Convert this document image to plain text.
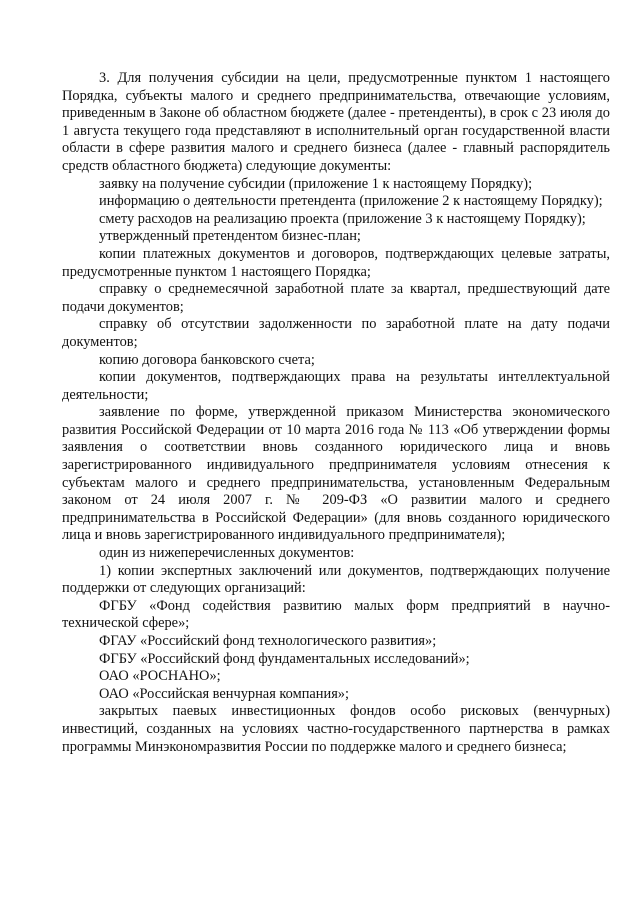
3. Для получения субсидии на цели, предусмотренные пунктом 1 настоящего Порядка, субъекты малого и среднего предпринимательства, отвечающие условиям, приведенным в Законе об областном бюджете (далее - претенденты), в срок с 23 июля до 1 августа текущего года представляют в исполнительный орган государственной власти области в сфере развития малого и среднего бизнеса (далее - главный распорядитель средств областного бюджета) следующие документы:

заявку на получение субсидии (приложение 1 к настоящему Порядку);

информацию о деятельности претендента (приложение 2 к настоящему Порядку);

смету расходов на реализацию проекта (приложение 3 к настоящему Порядку);

утвержденный претендентом бизнес-план;

копии платежных документов и договоров, подтверждающих целевые затраты, предусмотренные пунктом 1 настоящего Порядка;

справку о среднемесячной заработной плате за квартал, предшествующий дате подачи документов;

справку об отсутствии задолженности по заработной плате на дату подачи документов;

копию договора банковского счета;

копии документов, подтверждающих права на результаты интеллектуальной деятельности;

заявление по форме, утвержденной приказом Министерства экономического развития Российской Федерации от 10 марта 2016 года № 113 «Об утверждении формы заявления о соответствии вновь созданного юридического лица и вновь зарегистрированного индивидуального предпринимателя условиям отнесения к субъектам малого и среднего предпринимательства, установленным Федеральным законом от 24 июля 2007 г. № 209-ФЗ «О развитии малого и среднего предпринимательства в Российской Федерации» (для вновь созданного юридического лица и вновь зарегистрированного индивидуального предпринимателя);

один из нижеперечисленных документов:

1) копии экспертных заключений или документов, подтверждающих получение поддержки от следующих организаций:

ФГБУ «Фонд содействия развитию малых форм предприятий в научно-технической сфере»;

ФГАУ «Российский фонд технологического развития»;

ФГБУ «Российский фонд фундаментальных исследований»;

ОАО «РОСНАНО»;

ОАО «Российская венчурная компания»;

закрытых паевых инвестиционных фондов особо рисковых (венчурных) инвестиций, созданных на условиях частно-государственного партнерства в рамках программы Минэкономразвития России по поддержке малого и среднего бизнеса;
